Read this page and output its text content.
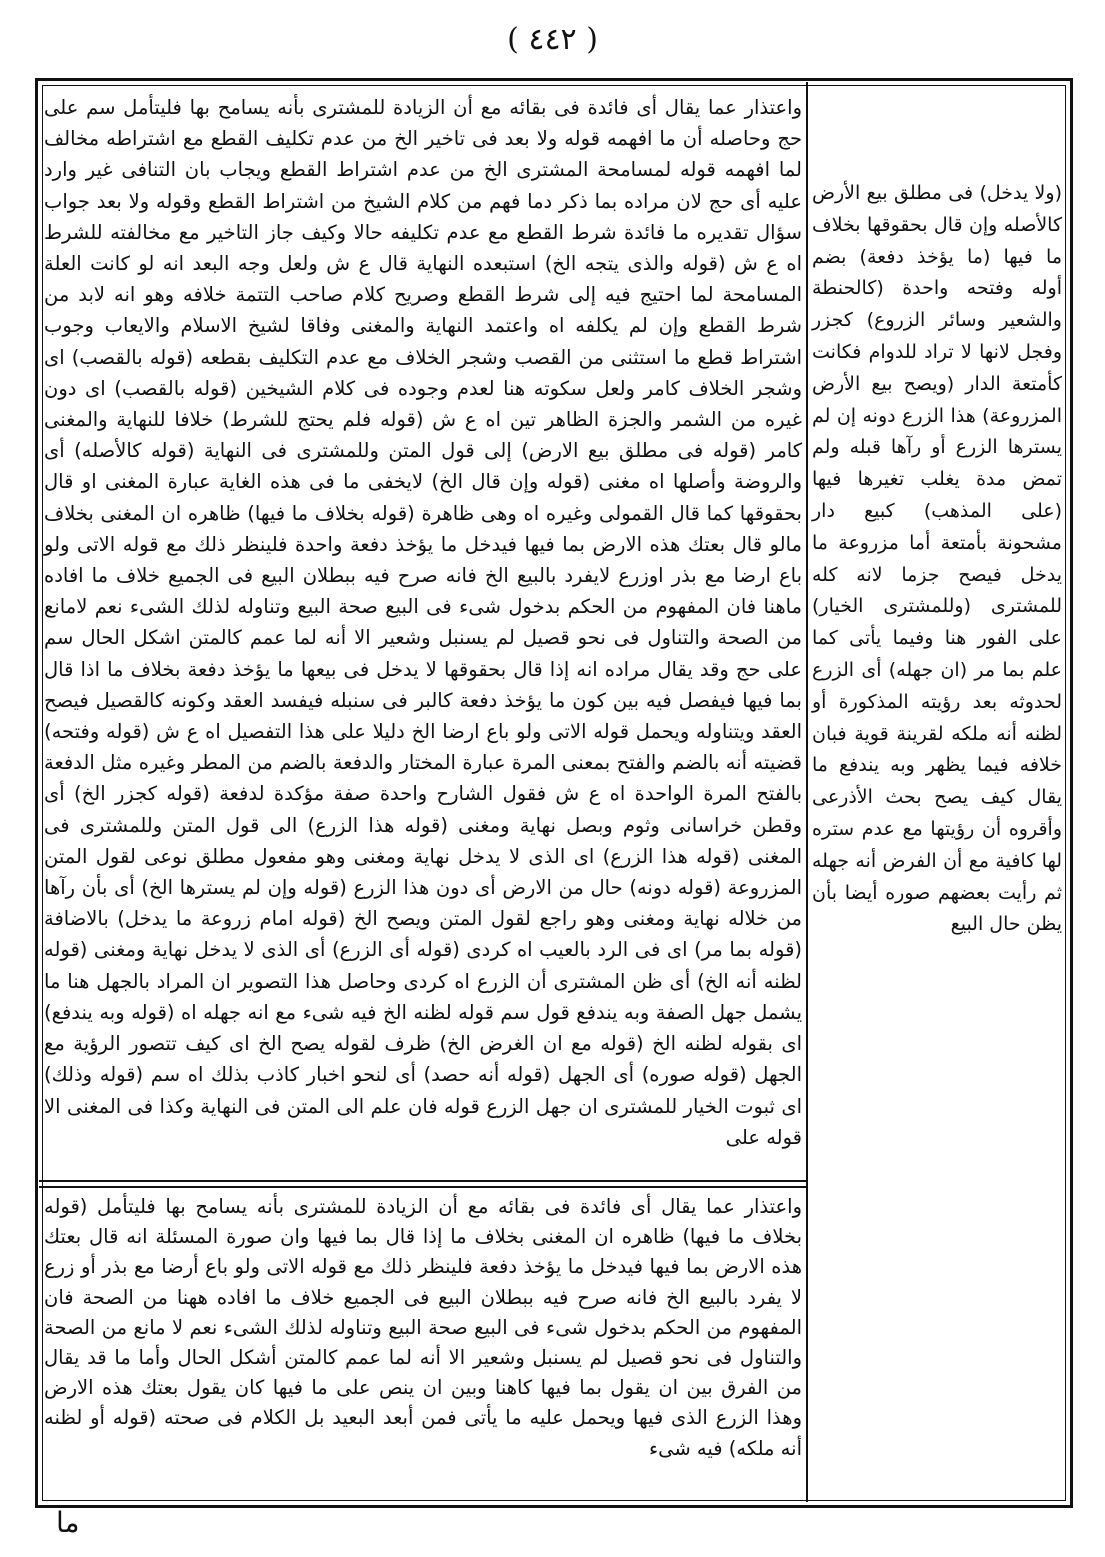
( ٤٤٢ )

واعتذار عما يقال أى فائدة فى بقائه مع أن الزيادة للمشترى بأنه يسامح بها فليتأمل سم على حج وحاصله أن ما افهمه قوله ولا بعد فى تاخير الخ من عدم تكليف القطع مع اشتراطه مخالف لما افهمه قوله لمسامحة المشترى الخ من عدم اشتراط القطع ويجاب بان التنافى غير وارد عليه أى حج لان مراده بما ذكر دما فهم من كلام الشيخ من اشتراط القطع وقوله ولا بعد جواب سؤال تقديره ما فائدة شرط القطع مع عدم تكليفه حالا وكيف جاز التاخير مع مخالفته للشرط اه ع ش (قوله والذى يتجه الخ) استبعده النهاية قال ع ش ولعل وجه البعد انه لو كانت العلة المسامحة لما احتيج فيه إلى شرط القطع وصريح كلام صاحب التتمة خلافه وهو انه لابد من شرط القطع وإن لم يكلفه اه واعتمد النهاية والمغنى وفاقا لشيخ الاسلام والايعاب وجوب اشتراط قطع ما استثنى من القصب وشجر الخلاف مع عدم التكليف بقطعه (قوله بالقصب) اى وشجر الخلاف كامر ولعل سكوته هنا لعدم وجوده فى كلام الشيخين (قوله بالقصب) اى دون غيره من الشمر والجزة الظاهر تين اه ع ش (قوله فلم يحتج للشرط) خلافا للنهاية والمغنى كامر (قوله فى مطلق بيع الارض) إلى قول المتن وللمشترى فى النهاية (قوله كالأصله) أى والروضة وأصلها اه مغنى (قوله وإن قال الخ) لايخفى ما فى هذه الغاية عبارة المغنى او قال بحقوقها كما قال القمولى وغيره اه وهى ظاهرة (قوله بخلاف ما فيها) ظاهره ان المغنى بخلاف مالو قال بعتك هذه الارض بما فيها فيدخل ما يؤخذ دفعة واحدة فلينظر ذلك مع قوله الاتى ولو باع ارضا مع بذر اوزرع لايفرد بالبيع الخ فانه صرح فيه ببطلان البيع فى الجميع خلاف ما افاده ماهنا فان المفهوم من الحكم بدخول شىء فى البيع صحة البيع وتناوله لذلك الشىء نعم لامانع من الصحة والتناول فى نحو قصيل لم يسنبل وشعير الا أنه لما عمم كالمتن اشكل الحال سم على حج وقد يقال مراده انه إذا قال بحقوقها لا يدخل فى بيعها ما يؤخذ دفعة بخلاف ما اذا قال بما فيها فيفصل فيه بين كون ما يؤخذ دفعة كالبر فى سنبله فيفسد العقد وكونه كالقصيل فيصح العقد ويتناوله ويحمل قوله الاتى ولو باع ارضا الخ دليلا على هذا التفصيل اه ع ش (قوله وفتحه) قضيته أنه بالضم والفتح بمعنى المرة عبارة المختار والدفعة بالضم من المطر وغيره مثل الدفعة بالفتح المرة الواحدة اه ع ش فقول الشارح واحدة صفة مؤكدة لدفعة (قوله كجزر الخ) أى وقطن خراسانى وثوم وبصل نهاية ومغنى (قوله هذا الزرع) الى قول المتن وللمشترى فى المغنى (قوله هذا الزرع) اى الذى لا يدخل نهاية ومغنى وهو مفعول مطلق نوعى لقول المتن المزروعة (قوله دونه) حال من الارض أى دون هذا الزرع (قوله وإن لم يسترها الخ) أى بأن رآها من خلاله نهاية ومغنى وهو راجع لقول المتن ويصح الخ (قوله امام زروعة ما يدخل) بالاضافة (قوله بما مر) اى فى الرد بالعيب اه كردى (قوله أى الزرع) أى الذى لا يدخل نهاية ومغنى (قوله لظنه أنه الخ) أى ظن المشترى أن الزرع اه كردى وحاصل هذا التصوير ان المراد بالجهل هنا ما يشمل جهل الصفة وبه يندفع قول سم قوله لظنه الخ فيه شىء مع انه جهله اه (قوله وبه يندفع) اى بقوله لظنه الخ (قوله مع ان الغرض الخ) ظرف لقوله يصح الخ اى كيف تتصور الرؤية مع الجهل (قوله صوره) أى الجهل (قوله أنه حصد) أى لنحو اخبار كاذب بذلك اه سم (قوله وذلك) اى ثبوت الخيار للمشترى ان جهل الزرع قوله فان علم الى المتن فى النهاية وكذا فى المغنى الا قوله على

واعتذار عما يقال أى فائدة فى بقائه مع أن الزيادة للمشترى بأنه يسامح بها فليتأمل (قوله بخلاف ما فيها) ظاهره ان المغنى بخلاف ما إذا قال بما فيها وان صورة المسئلة انه قال بعتك هذه الارض بما فيها فيدخل ما يؤخذ دفعة فلينظر ذلك مع قوله الاتى ولو باع أرضا مع بذر أو زرع لا يفرد بالبيع الخ فانه صرح فيه ببطلان البيع فى الجميع خلاف ما افاده ههنا من الصحة فان المفهوم من الحكم بدخول شىء فى البيع صحة البيع وتناوله لذلك الشىء نعم لا مانع من الصحة والتناول فى نحو قصيل لم يسنبل وشعير الا أنه لما عمم كالمتن أشكل الحال وأما ما قد يقال من الفرق بين ان يقول بما فيها كاهنا وبين ان ينص على ما فيها كان يقول بعتك هذه الارض وهذا الزرع الذى فيها ويحمل عليه ما يأتى فمن أبعد البعيد بل الكلام فى صحته (قوله أو لظنه أنه ملكه) فيه شىء

(ولا يدخل) فى مطلق بيع الأرض كالأصله وإن قال بحقوقها بخلاف ما فيها (ما يؤخذ دفعة) بضم أوله وفتحه واحدة (كالحنطة والشعير وسائر الزروع) كجزر وفجل لانها لا تراد للدوام فكانت كأمتعة الدار (ويصح بيع الأرض المزروعة) هذا الزرع دونه إن لم يسترها الزرع أو رآها قبله ولم تمض مدة يغلب تغيرها فيها (على المذهب) كبيع دار مشحونة بأمتعة أما مزروعة ما يدخل فيصح جزما لانه كله للمشترى (وللمشترى الخيار) على الفور هنا وفيما يأتى كما علم بما مر (ان جهله) أى الزرع لحدوثه بعد رؤيته المذكورة أو لظنه أنه ملكه لقرينة قوية فبان خلافه فيما يظهر وبه يندفع ما يقال كيف يصح بحث الأذرعى وأقروه أن رؤيتها مع عدم ستره لها كافية مع أن الفرض أنه جهله ثم رأيت بعضهم صوره أيضا بأن يظن حال البيع

ما
